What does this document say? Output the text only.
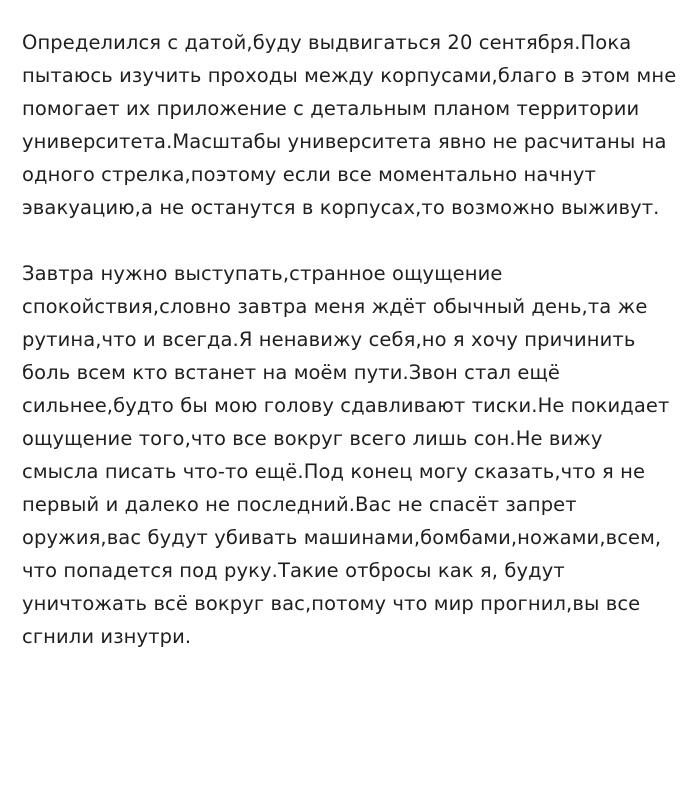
Определился с датой,буду выдвигаться 20 сентября.Пока пытаюсь изучить проходы между корпусами,благо в этом мне помогает их приложение с детальным планом территории университета.Масштабы университета явно не расчитаны на одного стрелка,поэтому если все моментально начнут эвакуацию,а не останутся в корпусах,то возможно выживут.

Завтра нужно выступать,странное ощущение спокойствия,словно завтра меня ждёт обычный день,та же рутина,что и всегда.Я ненавижу себя,но я хочу причинить боль всем кто встанет на моём пути.Звон стал ещё сильнее,будто бы мою голову сдавливают тиски.Не покидает ощущение того,что все вокруг всего лишь сон.Не вижу смысла писать что-то ещё.Под конец могу сказать,что я не первый и далеко не последний.Вас не спасёт запрет оружия,вас будут убивать машинами,бомбами,ножами,всем, что попадется под руку.Такие отбросы как я, будут уничтожать всё вокруг вас,потому что мир прогнил,вы все сгнили изнутри.
